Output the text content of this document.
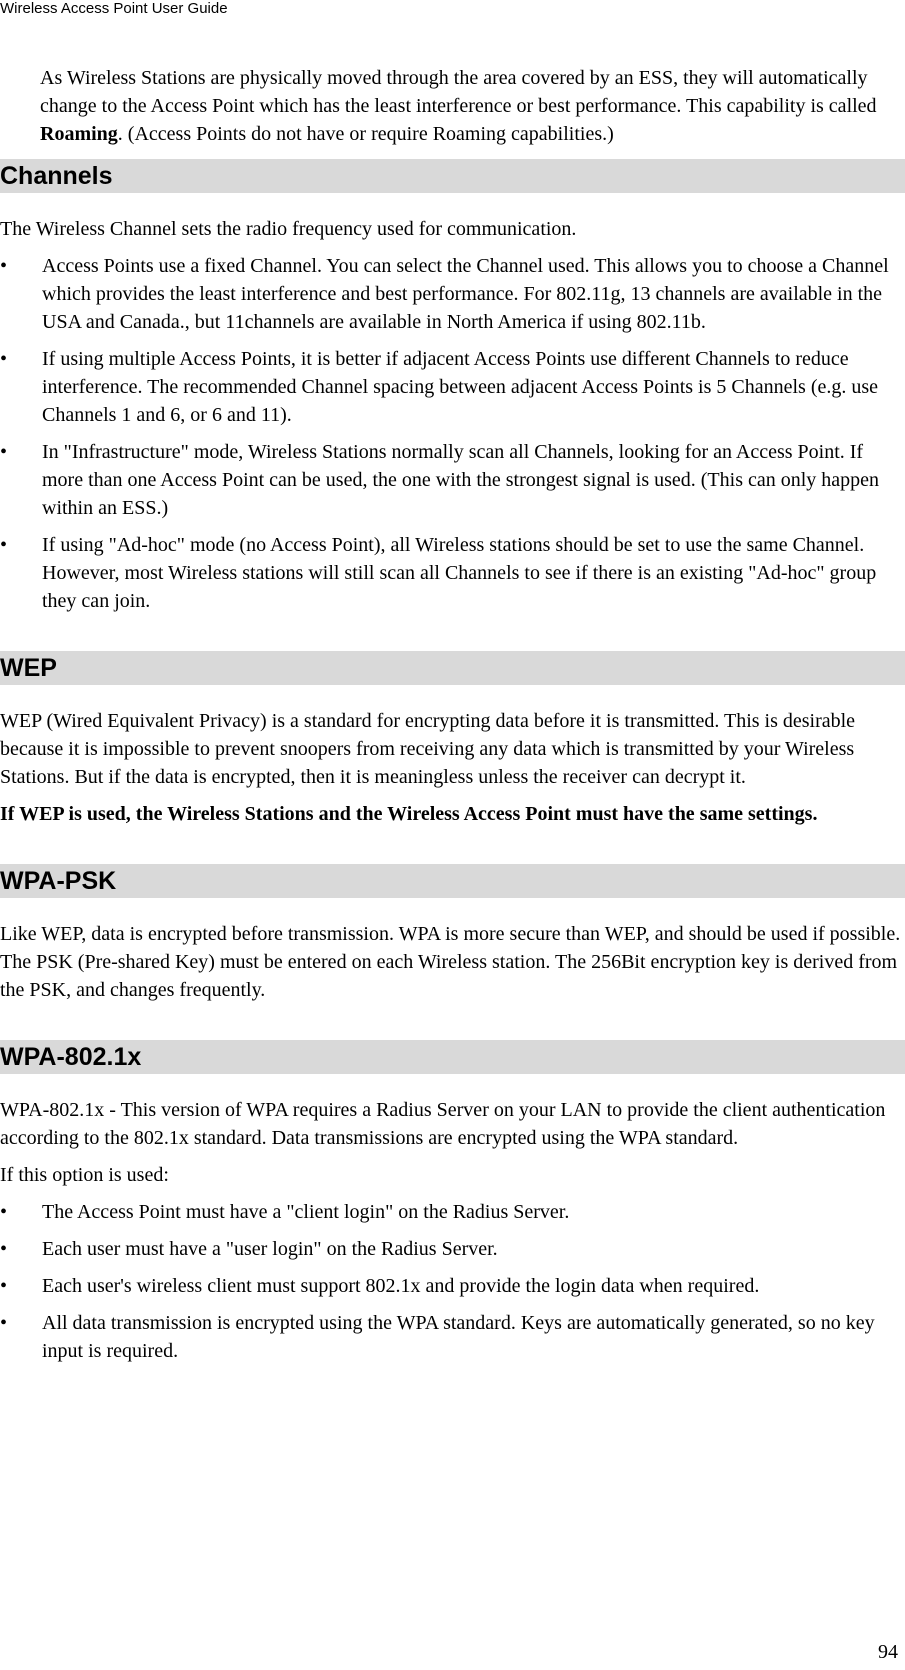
Wireless Access Point User Guide

As Wireless Stations are physically moved through the area covered by an ESS, they will automatically change to the Access Point which has the least interference or best performance. This capability is called Roaming. (Access Points do not have or require Roaming capabilities.)

Channels

The Wireless Channel sets the radio frequency used for communication.

•	Access Points use a fixed Channel. You can select the Channel used. This allows you to choose a Channel which provides the least interference and best performance. For 802.11g, 13 channels are available in the USA and Canada., but 11channels are available in North America if using 802.11b.
•	If using multiple Access Points, it is better if adjacent Access Points use different Channels to reduce interference. The recommended Channel spacing between adjacent Access Points is 5 Channels (e.g. use Channels 1 and 6, or 6 and 11).
•	In "Infrastructure" mode, Wireless Stations normally scan all Channels, looking for an Access Point. If more than one Access Point can be used, the one with the strongest signal is used. (This can only happen within an ESS.)
•	If using "Ad-hoc" mode (no Access Point), all Wireless stations should be set to use the same Channel. However, most Wireless stations will still scan all Channels to see if there is an existing "Ad-hoc" group they can join.
WEP

WEP (Wired Equivalent Privacy) is a standard for encrypting data before it is transmitted. This is desirable because it is impossible to prevent snoopers from receiving any data which is transmitted by your Wireless Stations. But if the data is encrypted, then it is meaningless unless the receiver can decrypt it.

If WEP is used, the Wireless Stations and the Wireless Access Point must have the same settings.

WPA-PSK

Like WEP, data is encrypted before transmission. WPA is more secure than WEP, and should be used if possible. The PSK (Pre-shared Key) must be entered on each Wireless station. The 256Bit encryption key is derived from the PSK, and changes frequently.

WPA-802.1x

WPA-802.1x - This version of WPA requires a Radius Server on your LAN to provide the client authentication according to the 802.1x standard. Data transmissions are encrypted using the WPA standard.

If this option is used:

•	The Access Point must have a "client login" on the Radius Server.
•	Each user must have a "user login" on the Radius Server.
•	Each user's wireless client must support 802.1x and provide the login data when required.
•	All data transmission is encrypted using the WPA standard. Keys are automatically generated, so no key input is required.
94
